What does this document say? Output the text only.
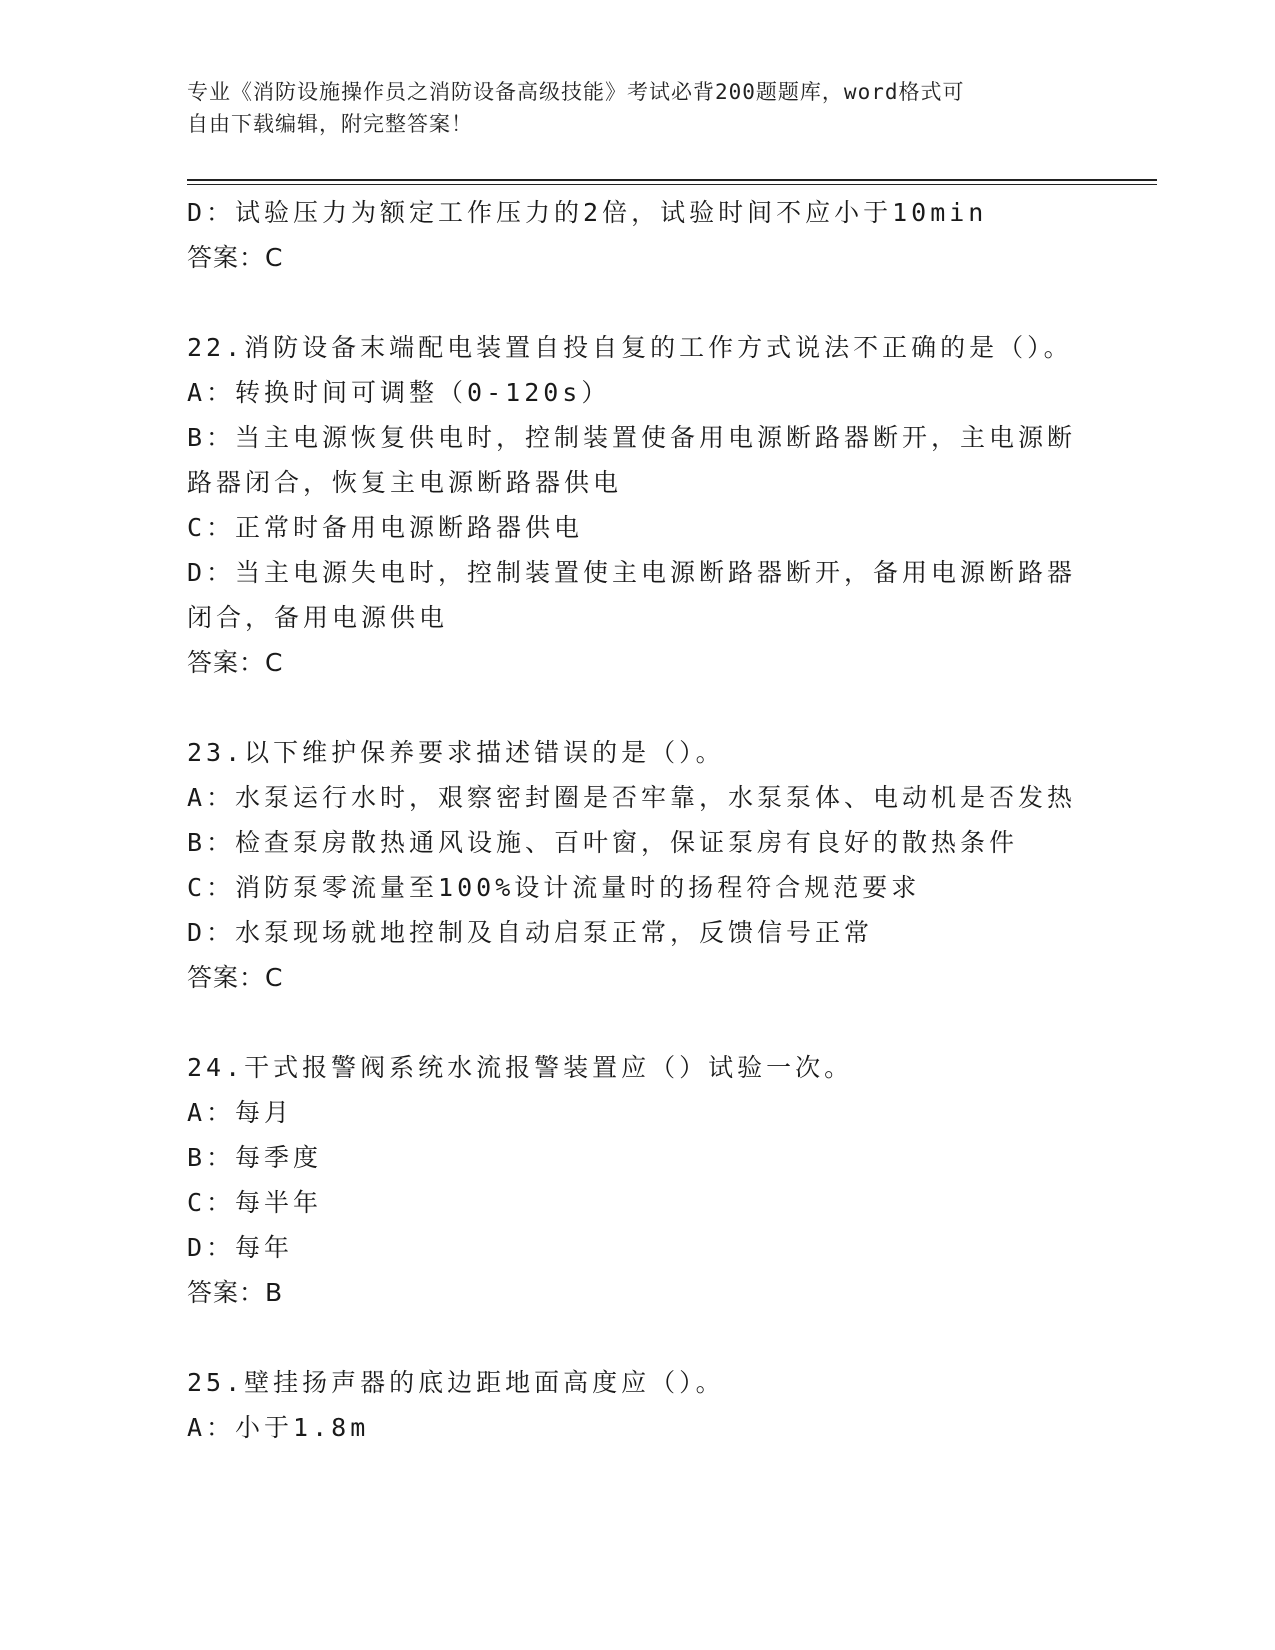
专业《消防设施操作员之消防设备高级技能》考试必背200题题库，word格式可
自由下载编辑，附完整答案！

D：试验压力为额定工作压力的2倍，试验时间不应小于10min

答案：C

22.消防设备末端配电装置自投自复的工作方式说法不正确的是（）。

A：转换时间可调整（0-120s）

B：当主电源恢复供电时，控制装置使备用电源断路器断开，主电源断

路器闭合，恢复主电源断路器供电

C：正常时备用电源断路器供电

D：当主电源失电时，控制装置使主电源断路器断开，备用电源断路器

闭合，备用电源供电

答案：C

23.以下维护保养要求描述错误的是（）。

A：水泵运行水时，艰察密封圈是否牢靠，水泵泵体、电动机是否发热

B：检查泵房散热通风设施、百叶窗，保证泵房有良好的散热条件

C：消防泵零流量至100%设计流量时的扬程符合规范要求

D：水泵现场就地控制及自动启泵正常，反馈信号正常

答案：C

24.干式报警阀系统水流报警装置应（）试验一次。

A：每月

B：每季度

C：每半年

D：每年

答案：B

25.壁挂扬声器的底边距地面高度应（）。

A：小于1.8m
